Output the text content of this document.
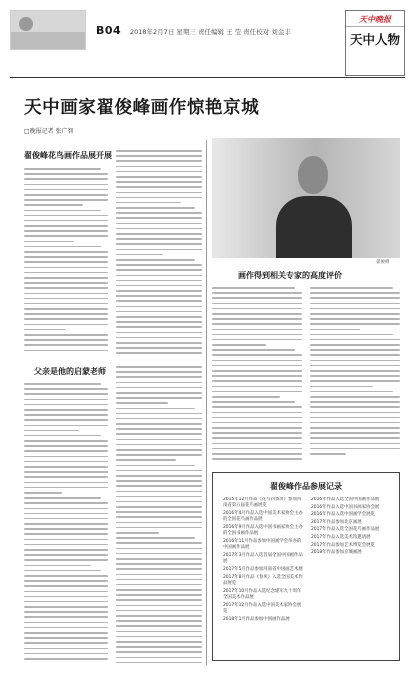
B04 2018年2月7日 星期三 责任编辑 王 莹 责任校对 刘金丰
天中晚报
天中人物
天中画家翟俊峰画作惊艳京城
□晚报记者 张广智
翟俊峰花鸟画作品展开展
父亲是他的启蒙老师
翟俊峰
画作得到相关专家的高度评价
翟俊峰作品参展记录
2015年12月作品《花鸟四条屏》参加河南省第五届花鸟画展览
2016年4月作品入选中国美术家协会主办的全国花鸟画作品展
2016年9月作品入选中国书画家协会主办的全国书画作品展
2016年11月作品参加中国画学会举办的中国画作品展
2017年3月作品入选首届全国中国画作品展
2017年5月作品参加河南省中国画艺术展
2017年8月作品《春风》入选全国美术作品展览
2017年10月作品入选纪念建军九十周年全国美术作品展
2017年12月作品入选中国美术家协会展览
2018年1月作品参加中国画作品展
2016年作品入选全国中国画作品展
2016年作品入选中国书画家协会展
2016年作品入选中国画学会展览
2017年作品参加北京画展
2017年作品入选全国花鸟画作品展
2017年作品入选美术馆邀请展
2017年作品参加艺术博览会展览
2018年作品参加京城画展
